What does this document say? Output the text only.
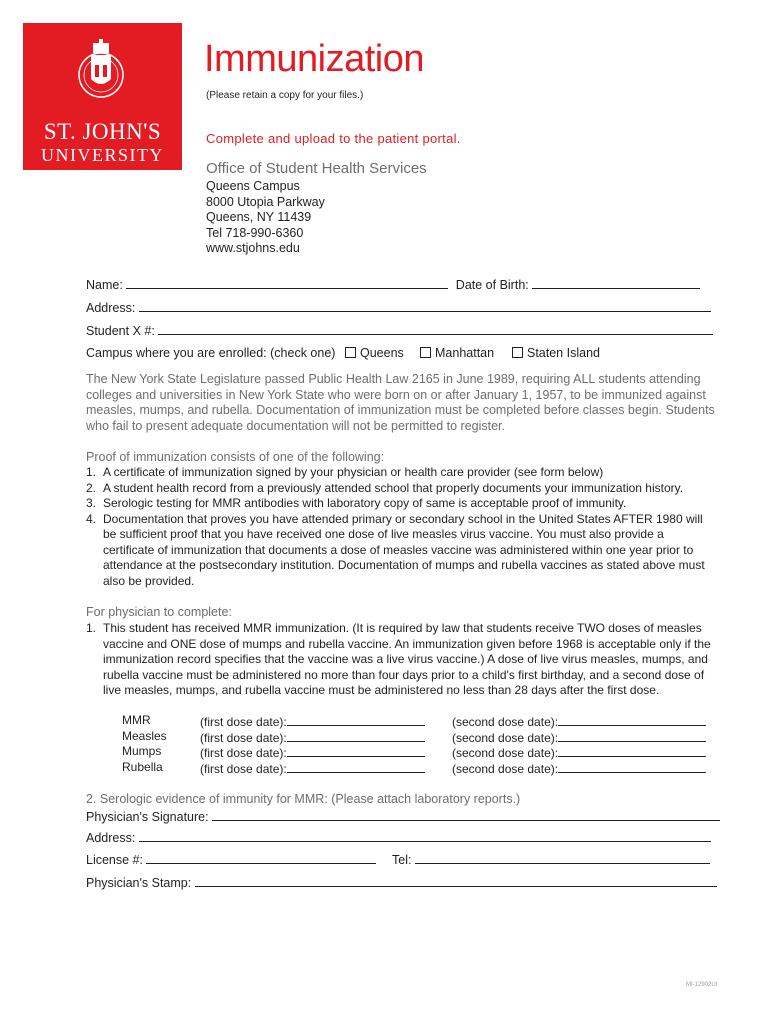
ST. JOHN'S
UNIVERSITY
Immunization
(Please retain a copy for your files.)
Complete and upload to the patient portal.
Office of Student Health Services
Queens Campus
8000 Utopia Parkway
Queens, NY 11439
Tel 718-990-6360
www.stjohns.edu
Name:	Date of Birth:
Address:
Student X #:
Campus where you are enrolled: (check one)	Queens	Manhattan	Staten Island
The New York State Legislature passed Public Health Law 2165 in June 1989, requiring ALL students attending colleges and universities in New York State who were born on or after January 1, 1957, to be immunized against measles, mumps, and rubella. Documentation of immunization must be completed before classes begin. Students who fail to present adequate documentation will not be permitted to register.
Proof of immunization consists of one of the following:
1. A certificate of immunization signed by your physician or health care provider (see form below)
2. A student health record from a previously attended school that properly documents your immunization history.
3. Serologic testing for MMR antibodies with laboratory copy of same is acceptable proof of immunity.
4. Documentation that proves you have attended primary or secondary school in the United States AFTER 1980 will be sufficient proof that you have received one dose of live measles virus vaccine. You must also provide a certificate of immunization that documents a dose of measles vaccine was administered within one year prior to attendance at the postsecondary institution. Documentation of mumps and rubella vaccines as stated above must also be provided.
For physician to complete:
1. This student has received MMR immunization. (It is required by law that students receive TWO doses of measles vaccine and ONE dose of mumps and rubella vaccine. An immunization given before 1968 is acceptable only if the immunization record specifies that the vaccine was a live virus vaccine.) A dose of live virus measles, mumps, and rubella vaccine must be administered no more than four days prior to a child's first birthday, and a second dose of live measles, mumps, and rubella vaccine must be administered no less than 28 days after the first dose.
MMR	(first dose date):	(second dose date):
Measles	(first dose date):	(second dose date):
Mumps	(first dose date):	(second dose date):
Rubella	(first dose date):	(second dose date):
2. Serologic evidence of immunity for MMR: (Please attach laboratory reports.)
Physician's Signature:
Address:
License #:	Tel:
Physician's Stamp:
MI-12902UI
